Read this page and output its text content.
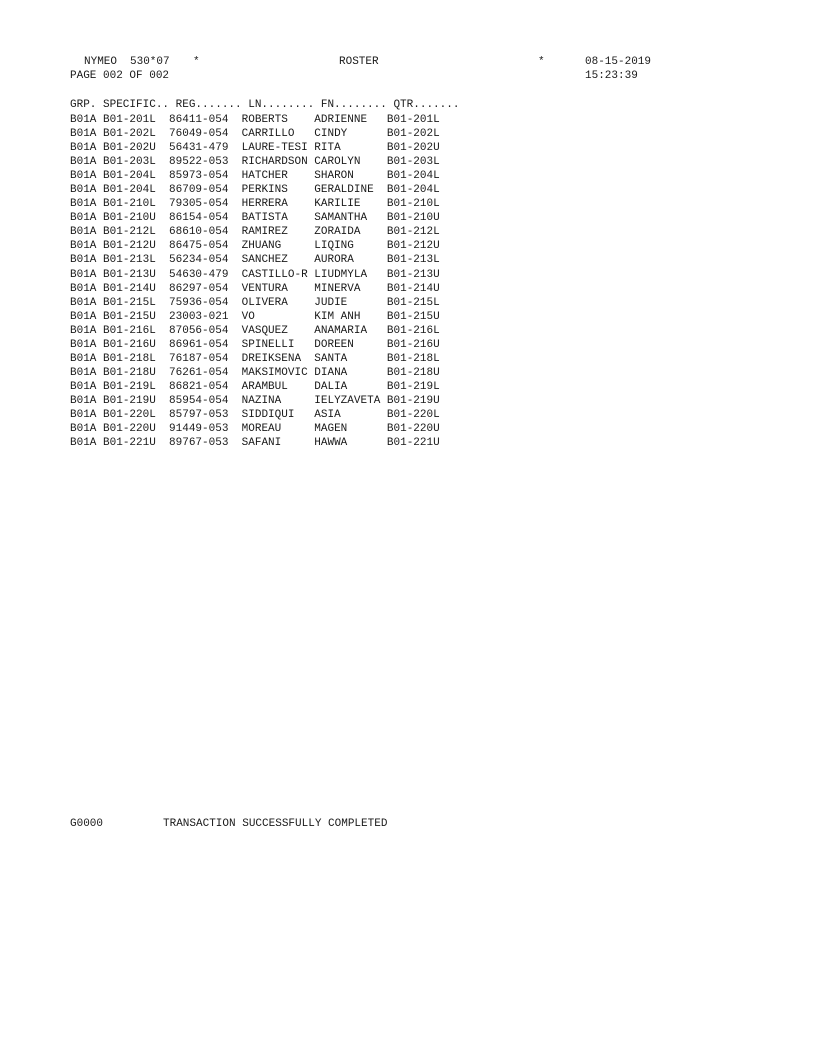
NYMEO 530*07 *	ROSTER	*	08-15-2019
PAGE 002 OF 002	15:23:39
GRP. SPECIFIC.. REG....... LN........ FN........ QTR.......
B01A B01-201L 86411-054 ROBERTS ADRIENNE B01-201L
B01A B01-202L 76049-054 CARRILLO CINDY	B01-202L
B01A B01-202U 56431-479 LAURE-TESI RITA	B01-202U
B01A B01-203L 89522-053 RICHARDSON CAROLYN B01-203L
B01A B01-204L 85973-054 HATCHER SHARON	B01-204L
B01A B01-204L 86709-054 PERKINS GERALDINE B01-204L
B01A B01-210L 79305-054 HERRERA KARILIE B01-210L
B01A B01-210U 86154-054 BATISTA SAMANTHA B01-210U
B01A B01-212L 68610-054 RAMIREZ ZORAIDA B01-212L
B01A B01-212U 86475-054 ZHUANG	LIQING	B01-212U
B01A B01-213L 56234-054 SANCHEZ AURORA	B01-213L
B01A B01-213U 54630-479 CASTILLO-R LIUDMYLA B01-213U
B01A B01-214U 86297-054 VENTURA MINERVA B01-214U
B01A B01-215L 75936-054 OLIVERA JUDIE	B01-215L
B01A B01-215U 23003-021 VO	KIM ANH B01-215U
B01A B01-216L 87056-054 VASQUEZ ANAMARIA B01-216L
B01A B01-216U 86961-054 SPINELLI DOREEN	B01-216U
B01A B01-218L 76187-054 DREIKSENA SANTA	B01-218L
B01A B01-218U 76261-054 MAKSIMOVIC DIANA	B01-218U
B01A B01-219L 86821-054 ARAMBUL DALIA	B01-219L
B01A B01-219U 85954-054 NAZINA	IELYZAVETA B01-219U
B01A B01-220L 85797-053 SIDDIQUI ASIA	B01-220L
B01A B01-220U 91449-053 MOREAU	MAGEN	B01-220U
B01A B01-221U 89767-053 SAFANI	HAWWA	B01-221U
G0000	TRANSACTION SUCCESSFULLY COMPLETED
